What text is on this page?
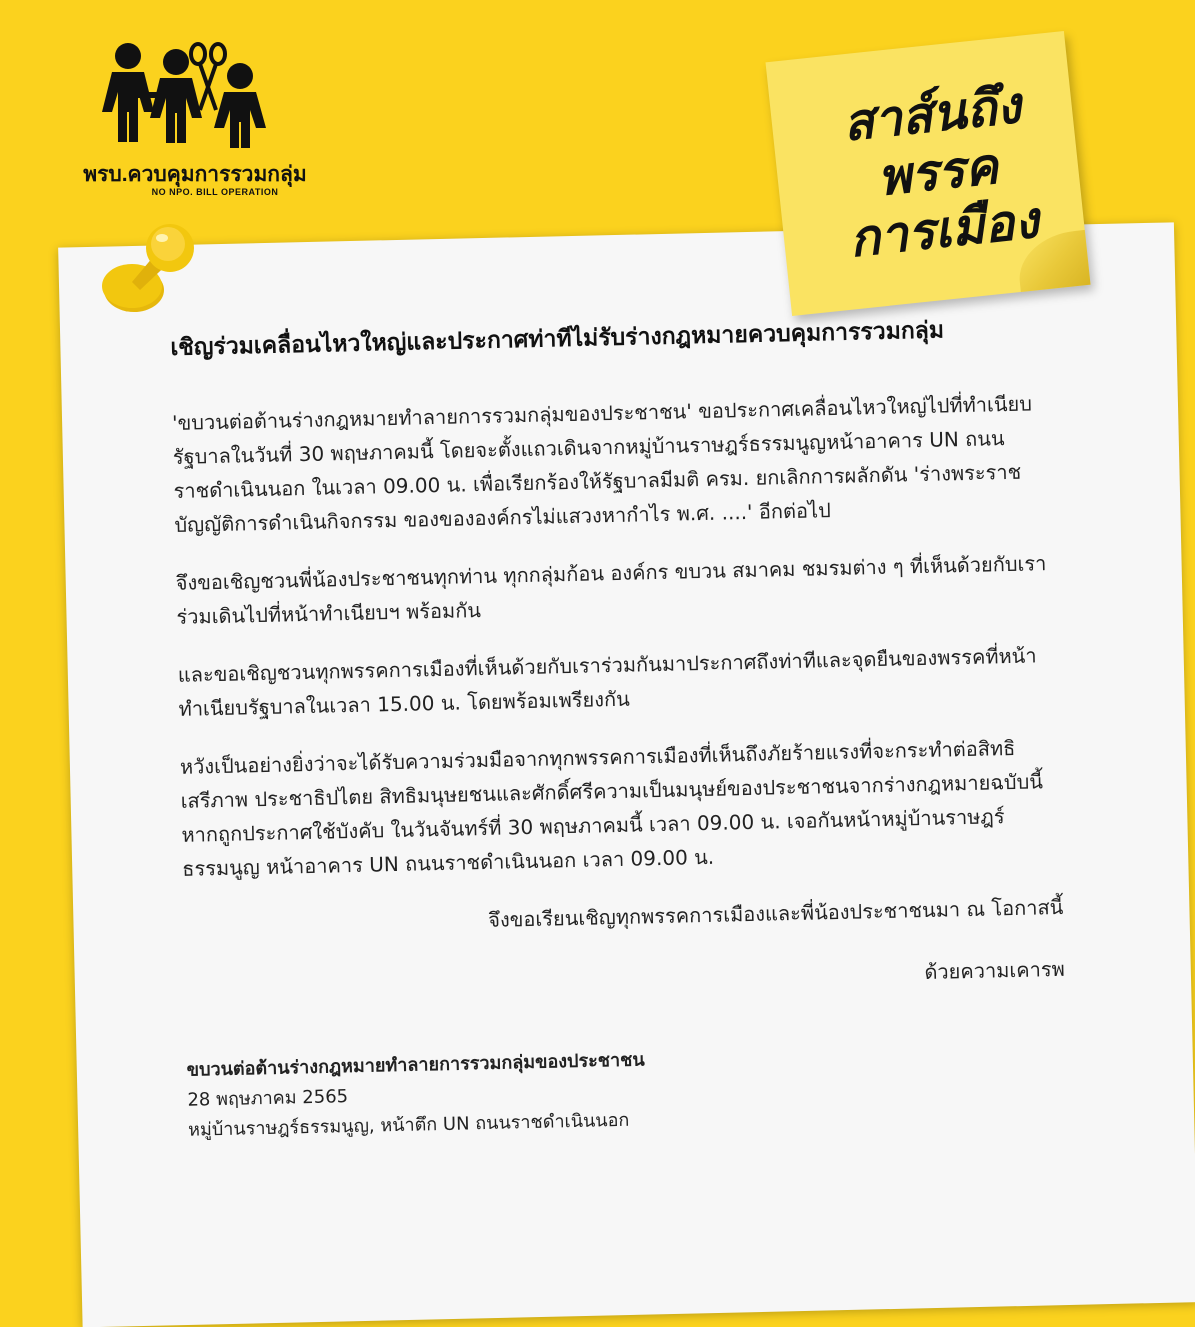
พรบ.ควบคุมการรวมกลุ่ม
NO NPO. BILL OPERATION
สาส์นถึง
พรรค
การเมือง
เชิญร่วมเคลื่อนไหวใหญ่และประกาศท่าทีไม่รับร่างกฎหมายควบคุมการรวมกลุ่ม
'ขบวนต่อต้านร่างกฎหมายทำลายการรวมกลุ่มของประชาชน' ขอประกาศเคลื่อนไหวใหญ่ไปที่ทำเนียบรัฐบาลในวันที่ 30 พฤษภาคมนี้ โดยจะตั้งแถวเดินจากหมู่บ้านราษฎร์ธรรมนูญหน้าอาคาร UN ถนนราชดำเนินนอก ในเวลา 09.00 น. เพื่อเรียกร้องให้รัฐบาลมีมติ ครม. ยกเลิกการผลักดัน 'ร่างพระราชบัญญัติการดำเนินกิจกรรม ของขององค์กรไม่แสวงหากำไร พ.ศ. ....' อีกต่อไป
จึงขอเชิญชวนพี่น้องประชาชนทุกท่าน ทุกกลุ่มก้อน องค์กร ขบวน สมาคม ชมรมต่าง ๆ ที่เห็นด้วยกับเราร่วมเดินไปที่หน้าทำเนียบฯ พร้อมกัน
และขอเชิญชวนทุกพรรคการเมืองที่เห็นด้วยกับเราร่วมกันมาประกาศถึงท่าทีและจุดยืนของพรรคที่หน้าทำเนียบรัฐบาลในเวลา 15.00 น. โดยพร้อมเพรียงกัน
หวังเป็นอย่างยิ่งว่าจะได้รับความร่วมมือจากทุกพรรคการเมืองที่เห็นถึงภัยร้ายแรงที่จะกระทำต่อสิทธิ เสรีภาพ ประชาธิปไตย สิทธิมนุษยชนและศักดิ์ศรีความเป็นมนุษย์ของประชาชนจากร่างกฎหมายฉบับนี้หากถูกประกาศใช้บังคับ ในวันจันทร์ที่ 30 พฤษภาคมนี้ เวลา 09.00 น. เจอกันหน้าหมู่บ้านราษฎร์ธรรมนูญ หน้าอาคาร UN ถนนราชดำเนินนอก เวลา 09.00 น.
จึงขอเรียนเชิญทุกพรรคการเมืองและพี่น้องประชาชนมา ณ โอกาสนี้
ด้วยความเคารพ
ขบวนต่อต้านร่างกฎหมายทำลายการรวมกลุ่มของประชาชน
28 พฤษภาคม 2565
หมู่บ้านราษฎร์ธรรมนูญ, หน้าตึก UN ถนนราชดำเนินนอก
